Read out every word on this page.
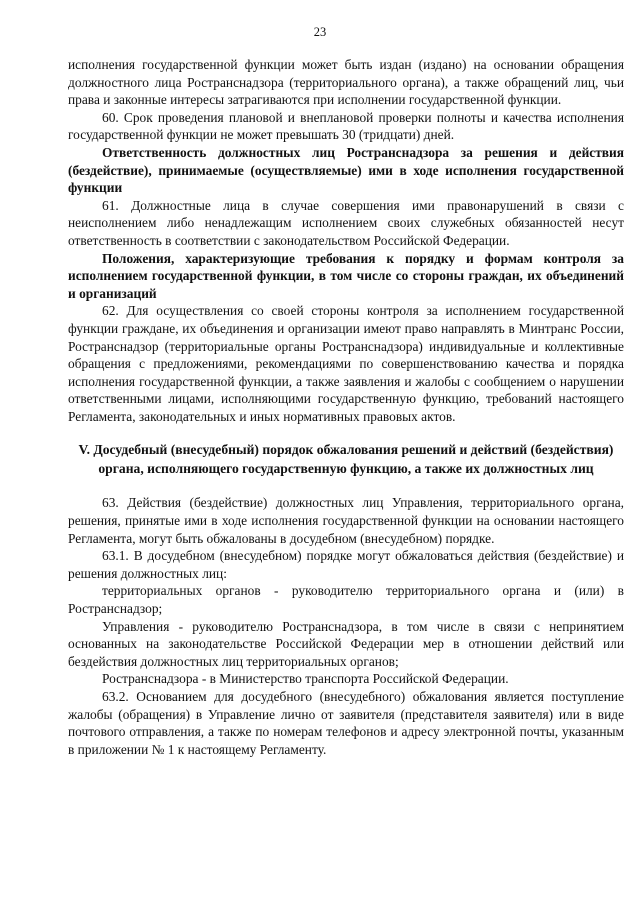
23

исполнения государственной функции может быть издан (издано) на основании обращения должностного лица Ространснадзора (территориального органа), а также обращений лиц, чьи права и законные интересы затрагиваются при исполнении государственной функции.

60. Срок проведения плановой и внеплановой проверки полноты и качества исполнения государственной функции не может превышать 30 (тридцати) дней.

Ответственность должностных лиц Ространснадзора за решения и действия (бездействие), принимаемые (осуществляемые) ими в ходе исполнения государственной функции

61. Должностные лица в случае совершения ими правонарушений в связи с неисполнением либо ненадлежащим исполнением своих служебных обязанностей несут ответственность в соответствии с законодательством Российской Федерации.

Положения, характеризующие требования к порядку и формам контроля за исполнением государственной функции, в том числе со стороны граждан, их объединений и организаций

62. Для осуществления со своей стороны контроля за исполнением государственной функции граждане, их объединения и организации имеют право направлять в Минтранс России, Ространснадзор (территориальные органы Ространснадзора) индивидуальные и коллективные обращения с предложениями, рекомендациями по совершенствованию качества и порядка исполнения государственной функции, а также заявления и жалобы с сообщением о нарушении ответственными лицами, исполняющими государственную функцию, требований настоящего Регламента, законодательных и иных нормативных правовых актов.

V. Досудебный (внесудебный) порядок обжалования решений и действий (бездействия) органа, исполняющего государственную функцию, а также их должностных лиц

63. Действия (бездействие) должностных лиц Управления, территориального органа, решения, принятые ими в ходе исполнения государственной функции на основании настоящего Регламента, могут быть обжалованы в досудебном (внесудебном) порядке.

63.1. В досудебном (внесудебном) порядке могут обжаловаться действия (бездействие) и решения должностных лиц:

территориальных органов - руководителю территориального органа и (или) в Ространснадзор;

Управления - руководителю Ространснадзора, в том числе в связи с непринятием основанных на законодательстве Российской Федерации мер в отношении действий или бездействия должностных лиц территориальных органов;

Ространснадзора - в Министерство транспорта Российской Федерации.

63.2. Основанием для досудебного (внесудебного) обжалования является поступление жалобы (обращения) в Управление лично от заявителя (представителя заявителя) или в виде почтового отправления, а также по номерам телефонов и адресу электронной почты, указанным в приложении № 1 к настоящему Регламенту.
